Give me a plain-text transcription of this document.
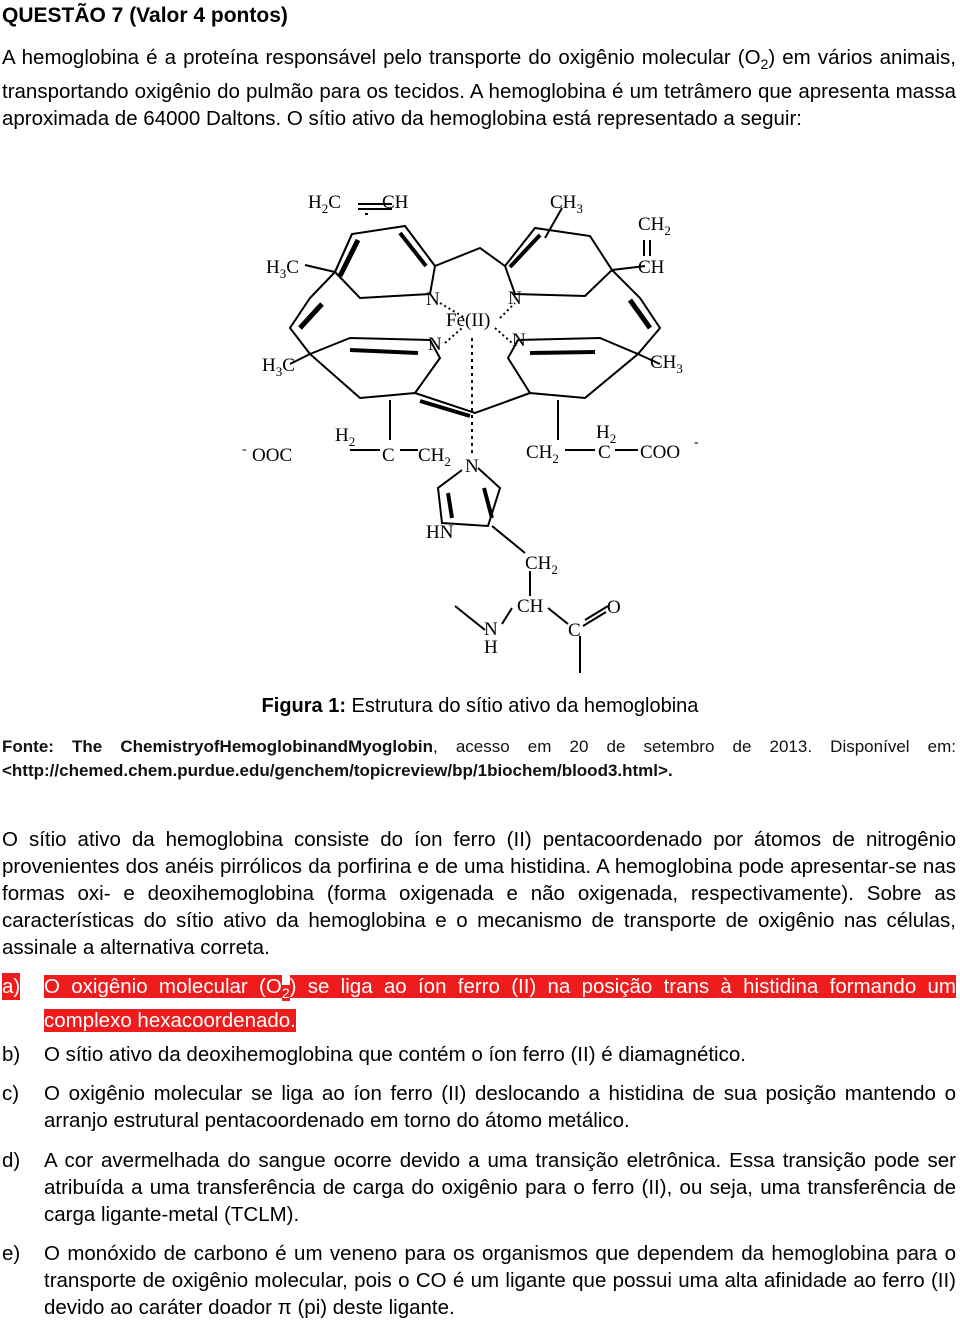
QUESTÃO 7 (Valor 4 pontos)

A hemoglobina é a proteína responsável pelo transporte do oxigênio molecular $(O_2)$ em vários animais, transportando oxigênio do pulmão para os tecidos. A hemoglobina é um tetrâmero que apresenta massa aproximada de 64000 Daltons. O sítio ativo da hemoglobina está representado a seguir:

$H_2C$ CH	$CH_3$
$CH_2$
CH
$H_3C$
$H_3C$	$CH_3$
N	N
N	N
Fe(II)
- OOC	C
$H_2$
$CH_2$	$CH_2$ C
$H_2$
COO -
N
HN
$CH_2$
CH	O
N
H
C
Figura 1: Estrutura do sítio ativo da hemoglobina
Fonte: The ChemistryofHemoglobinandMyoglobin, acesso em 20 de setembro de 2013. Disponível em: <http://chemed.chem.purdue.edu/genchem/topicreview/bp/1biochem/blood3.html>.

O sítio ativo da hemoglobina consiste do íon ferro (II) pentacoordenado por átomos de nitrogênio provenientes dos anéis pirrólicos da porfirina e de uma histidina. A hemoglobina pode apresentar-se nas formas oxi- e deoxihemoglobina (forma oxigenada e não oxigenada, respectivamente). Sobre as características do sítio ativo da hemoglobina e o mecanismo de transporte de oxigênio nas células, assinale a alternativa correta.

a) O oxigênio molecular $(O_2)$ se liga ao íon ferro (II) na posição trans à histidina formando um complexo hexacoordenado.
b) O sítio ativo da deoxihemoglobina que contém o íon ferro (II) é diamagnético.
c) O oxigênio molecular se liga ao íon ferro (II) deslocando a histidina de sua posição mantendo o arranjo estrutural pentacoordenado em torno do átomo metálico.
d) A cor avermelhada do sangue ocorre devido a uma transição eletrônica. Essa transição pode ser atribuída a uma transferência de carga do oxigênio para o ferro (II), ou seja, uma transferência de carga ligante-metal (TCLM).
e) O monóxido de carbono é um veneno para os organismos que dependem da hemoglobina para o transporte de oxigênio molecular, pois o CO é um ligante que possui uma alta afinidade ao ferro (II) devido ao caráter doador π (pi) deste ligante.
